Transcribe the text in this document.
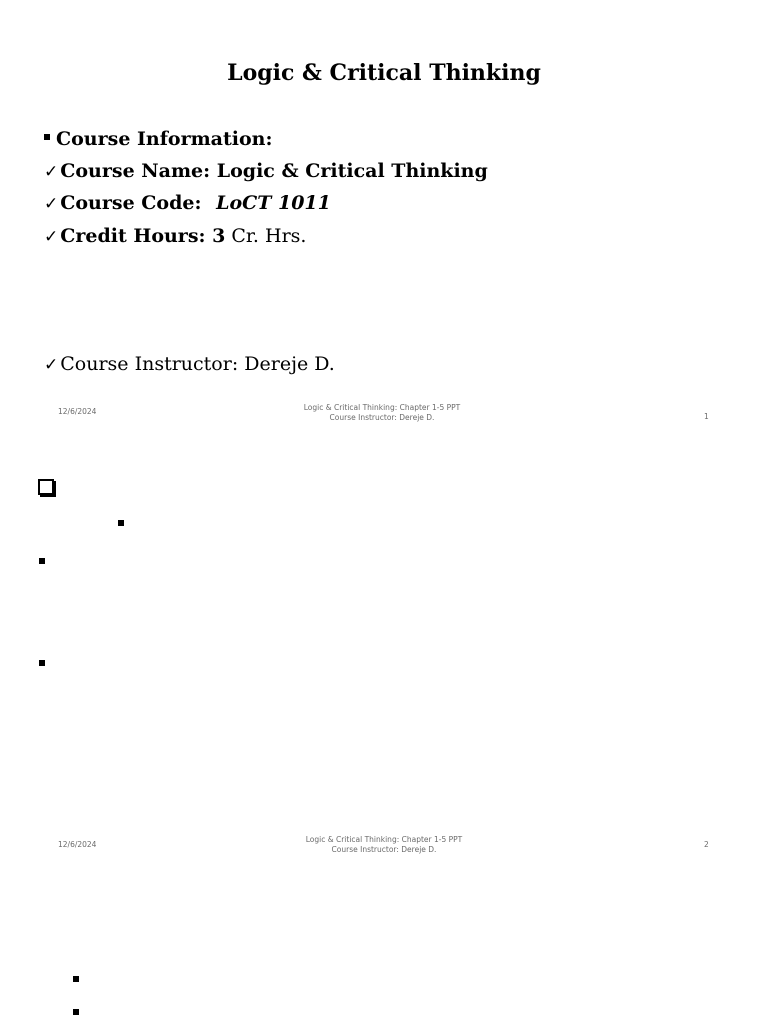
Logic & Critical Thinking
Course Information:
✓ Course Name: Logic & Critical Thinking
✓ Course Code: LoCT 1011
✓ Credit Hours: 3 Cr. Hrs.
✓ Course Instructor: Dereje D.
12/6/2024	Logic & Critical Thinking: Chapter 1-5 PPT
Course Instructor: Dereje D.	1
12/6/2024
Logic & Critical Thinking: Chapter 1-5 PPT
Course Instructor: Dereje D.
2
